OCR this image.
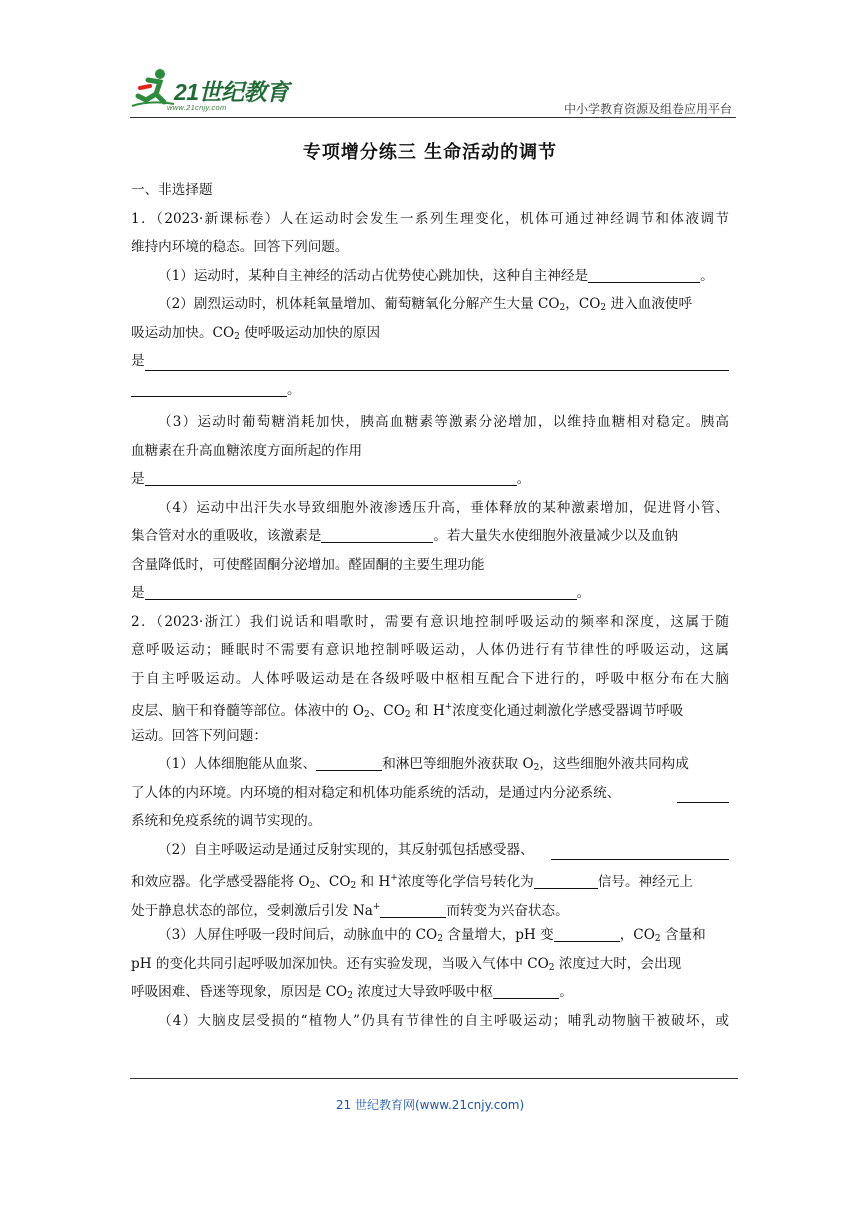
21世纪教育
www.21cnjy.com	中小学教育资源及组卷应用平台
专项增分练三 生命活动的调节
一、非选择题
1．（2023·新课标卷）人在运动时会发生一系列生理变化，机体可通过神经调节和体液调节
维持内环境的稳态。回答下列问题。
（1）运动时，某种自主神经的活动占优势使心跳加快，这种自主神经是	。
（2）剧烈运动时，机体耗氧量增加、葡萄糖氧化分解产生大量 $CO_2$，$CO_2$ 进入血液使呼
吸运动加快。$CO_2$ 使呼吸运动加快的原因
是
。
（3）运动时葡萄糖消耗加快，胰高血糖素等激素分泌增加，以维持血糖相对稳定。胰高
血糖素在升高血糖浓度方面所起的作用
是	。
（4）运动中出汗失水导致细胞外液渗透压升高，垂体释放的某种激素增加，促进肾小管、
集合管对水的重吸收，该激素是	。若大量失水使细胞外液量减少以及血钠
含量降低时，可使醛固酮分泌增加。醛固酮的主要生理功能
是	。
2．（2023·浙江）我们说话和唱歌时，需要有意识地控制呼吸运动的频率和深度，这属于随
意呼吸运动；睡眠时不需要有意识地控制呼吸运动，人体仍进行有节律性的呼吸运动，这属
于自主呼吸运动。人体呼吸运动是在各级呼吸中枢相互配合下进行的，呼吸中枢分布在大脑
皮层、脑干和脊髓等部位。体液中的 $O_2$、$CO_2$ 和 H+浓度变化通过刺激化学感受器调节呼吸
运动。回答下列问题：
（1）人体细胞能从血浆、	和淋巴等细胞外液获取 $O_2$，这些细胞外液共同构成
了人体的内环境。内环境的相对稳定和机体功能系统的活动，是通过内分泌系统、
系统和免疫系统的调节实现的。
（2）自主呼吸运动是通过反射实现的，其反射弧包括感受器、
和效应器。化学感受器能将 $O_2$、$CO_2$ 和 H+浓度等化学信号转化为	信号。神经元上
处于静息状态的部位，受刺激后引发 Na+	而转变为兴奋状态。
（3）人屏住呼吸一段时间后，动脉血中的 $CO_2$ 含量增大，pH 变	，$CO_2$ 含量和
pH 的变化共同引起呼吸加深加快。还有实验发现，当吸入气体中 $CO_2$ 浓度过大时，会出现
呼吸困难、昏迷等现象，原因是 $CO_2$ 浓度过大导致呼吸中枢	。
（4）大脑皮层受损的“植物人”仍具有节律性的自主呼吸运动；哺乳动物脑干被破坏，或
21 世纪教育网(www.21cnjy.com)
